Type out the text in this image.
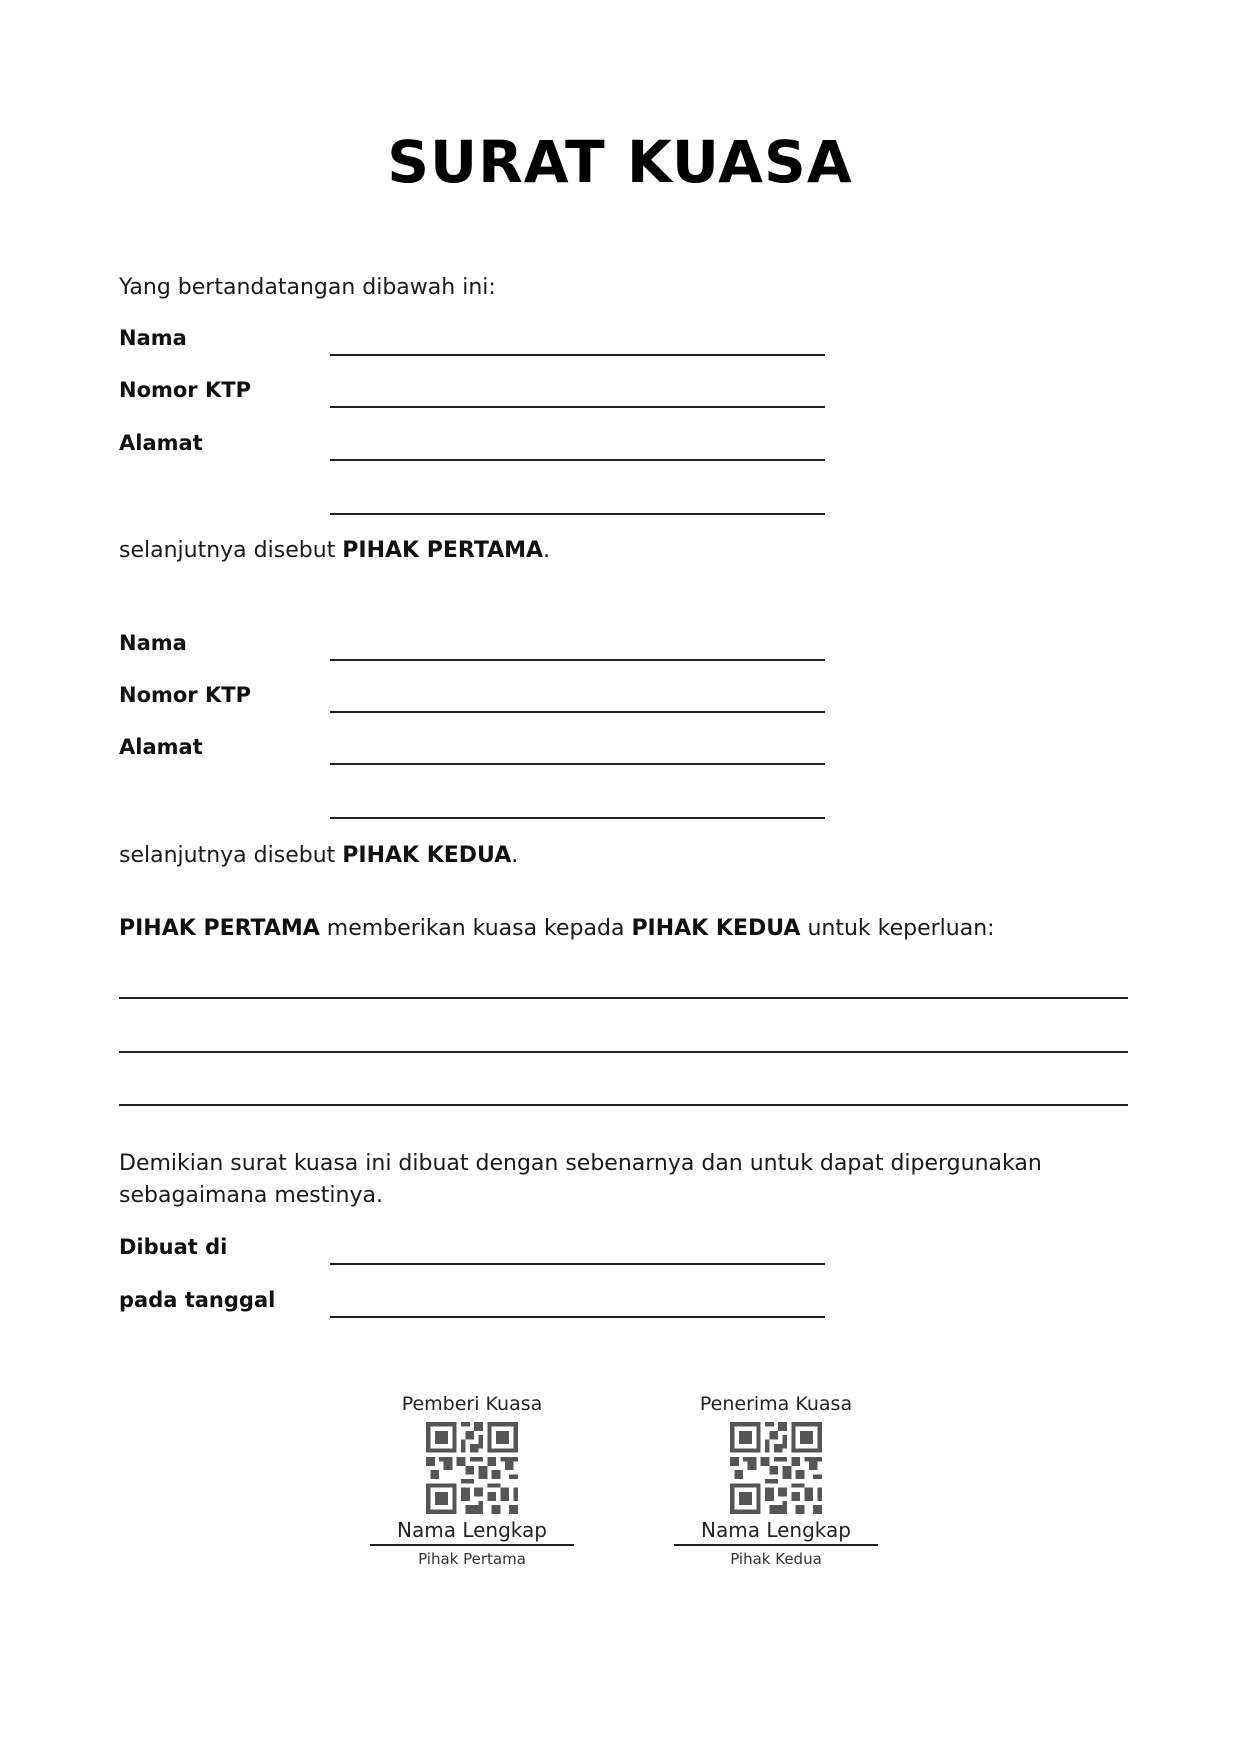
SURAT KUASA
Yang bertandatangan dibawah ini:
Nama
Nomor KTP
Alamat
selanjutnya disebut PIHAK PERTAMA.
Nama
Nomor KTP
Alamat
selanjutnya disebut PIHAK KEDUA.
PIHAK PERTAMA memberikan kuasa kepada PIHAK KEDUA untuk keperluan:
Demikian surat kuasa ini dibuat dengan sebenarnya dan untuk dapat dipergunakan sebagaimana mestinya.
Dibuat di
pada tanggal
Pemberi Kuasa
Nama Lengkap
Pihak Pertama
Penerima Kuasa
Nama Lengkap
Pihak Kedua
